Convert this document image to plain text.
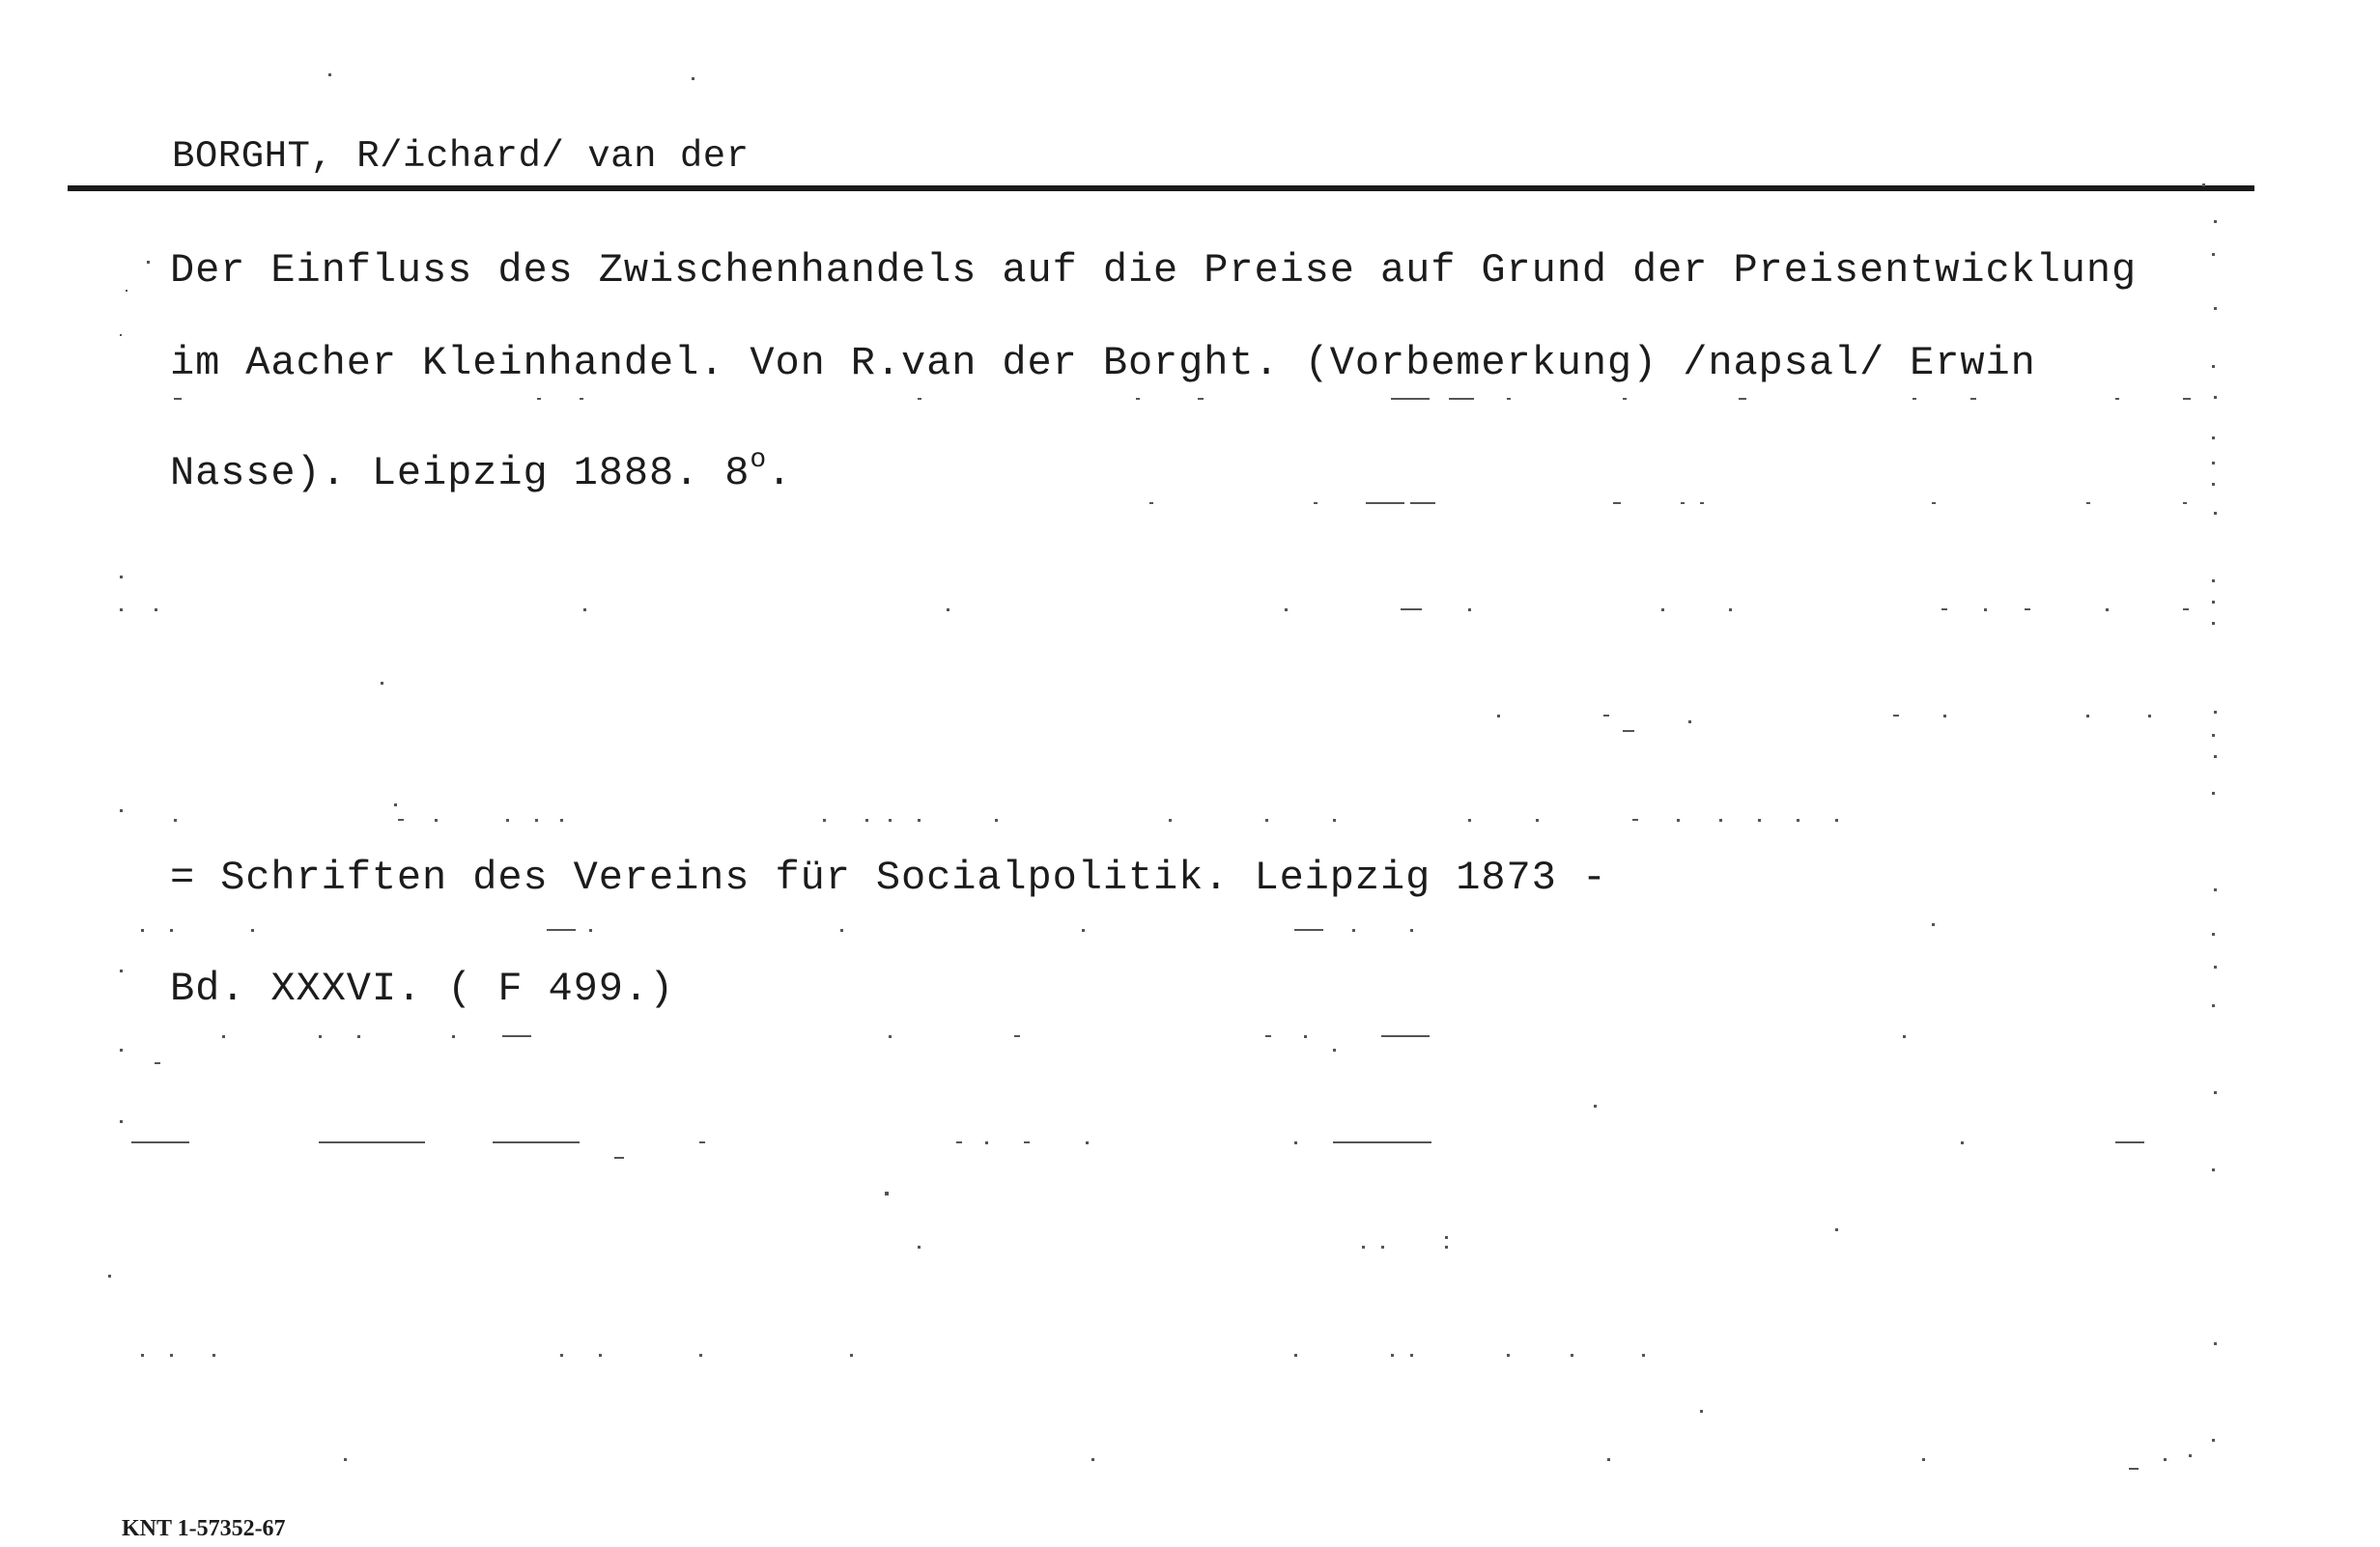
BORGHT, R/ichard/ van der
Der Einfluss des Zwischenhandels auf die Preise auf Grund der Preisentwicklung
im Aacher Kleinhandel. Von R.van der Borght. (Vorbemerkung) /napsal/ Erwin
Nasse). Leipzig 1888. $8^o$.
= Schriften des Vereins für Socialpolitik. Leipzig 1873 -
Bd. XXXVI. ( F 499.)
KNT 1-57352-67
